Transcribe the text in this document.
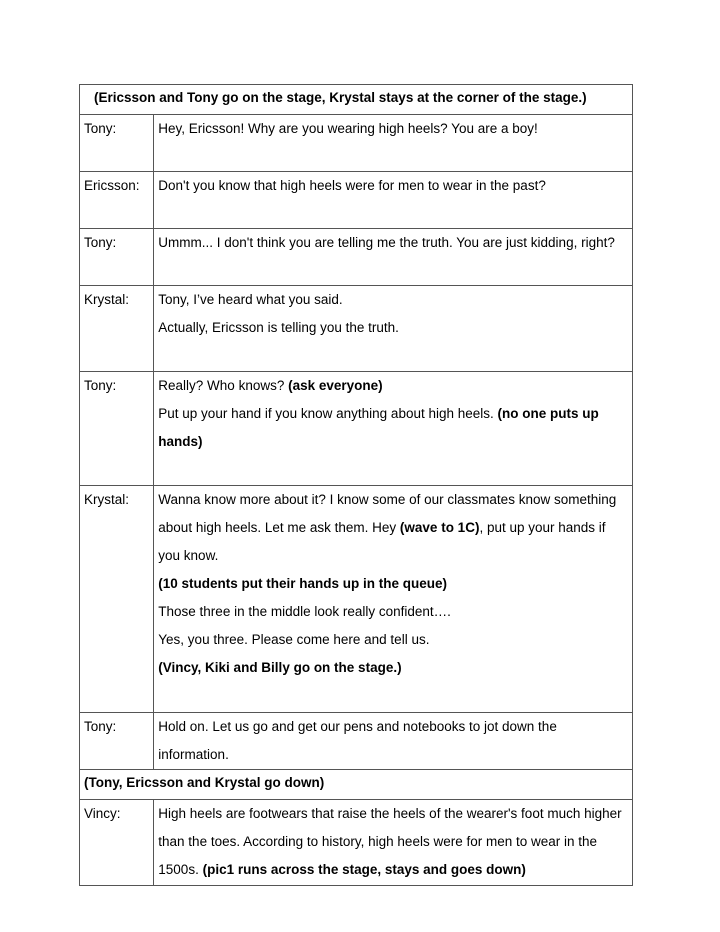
(Ericsson and Tony go on the stage, Krystal stays at the corner of the stage.)	
Tony:	Hey, Ericsson! Why are you wearing high heels? You are a boy!

Ericsson:	Don't you know that high heels were for men to wear in the past?

Tony:	Ummm... I don't think you are telling me the truth. You are just kidding, right?

Krystal:	Tony, I’ve heard what you said.
Actually, Ericsson is telling you the truth.

Tony:	Really? Who knows? (ask everyone)
Put up your hand if you know anything about high heels. (no one puts up hands)

Krystal:	Wanna know more about it? I know some of our classmates know something about high heels. Let me ask them. Hey (wave to 1C), put up your hands if you know.
(10 students put their hands up in the queue)
Those three in the middle look really confident….
Yes, you three. Please come here and tell us.
(Vincy, Kiki and Billy go on the stage.)

Tony:	Hold on. Let us go and get our pens and notebooks to jot down the information.

(Tony, Ericsson and Krystal go down)	
Vincy:	High heels are footwears that raise the heels of the wearer's foot much higher than the toes. According to history, high heels were for men to wear in the 1500s. (pic1 runs across the stage, stays and goes down)
